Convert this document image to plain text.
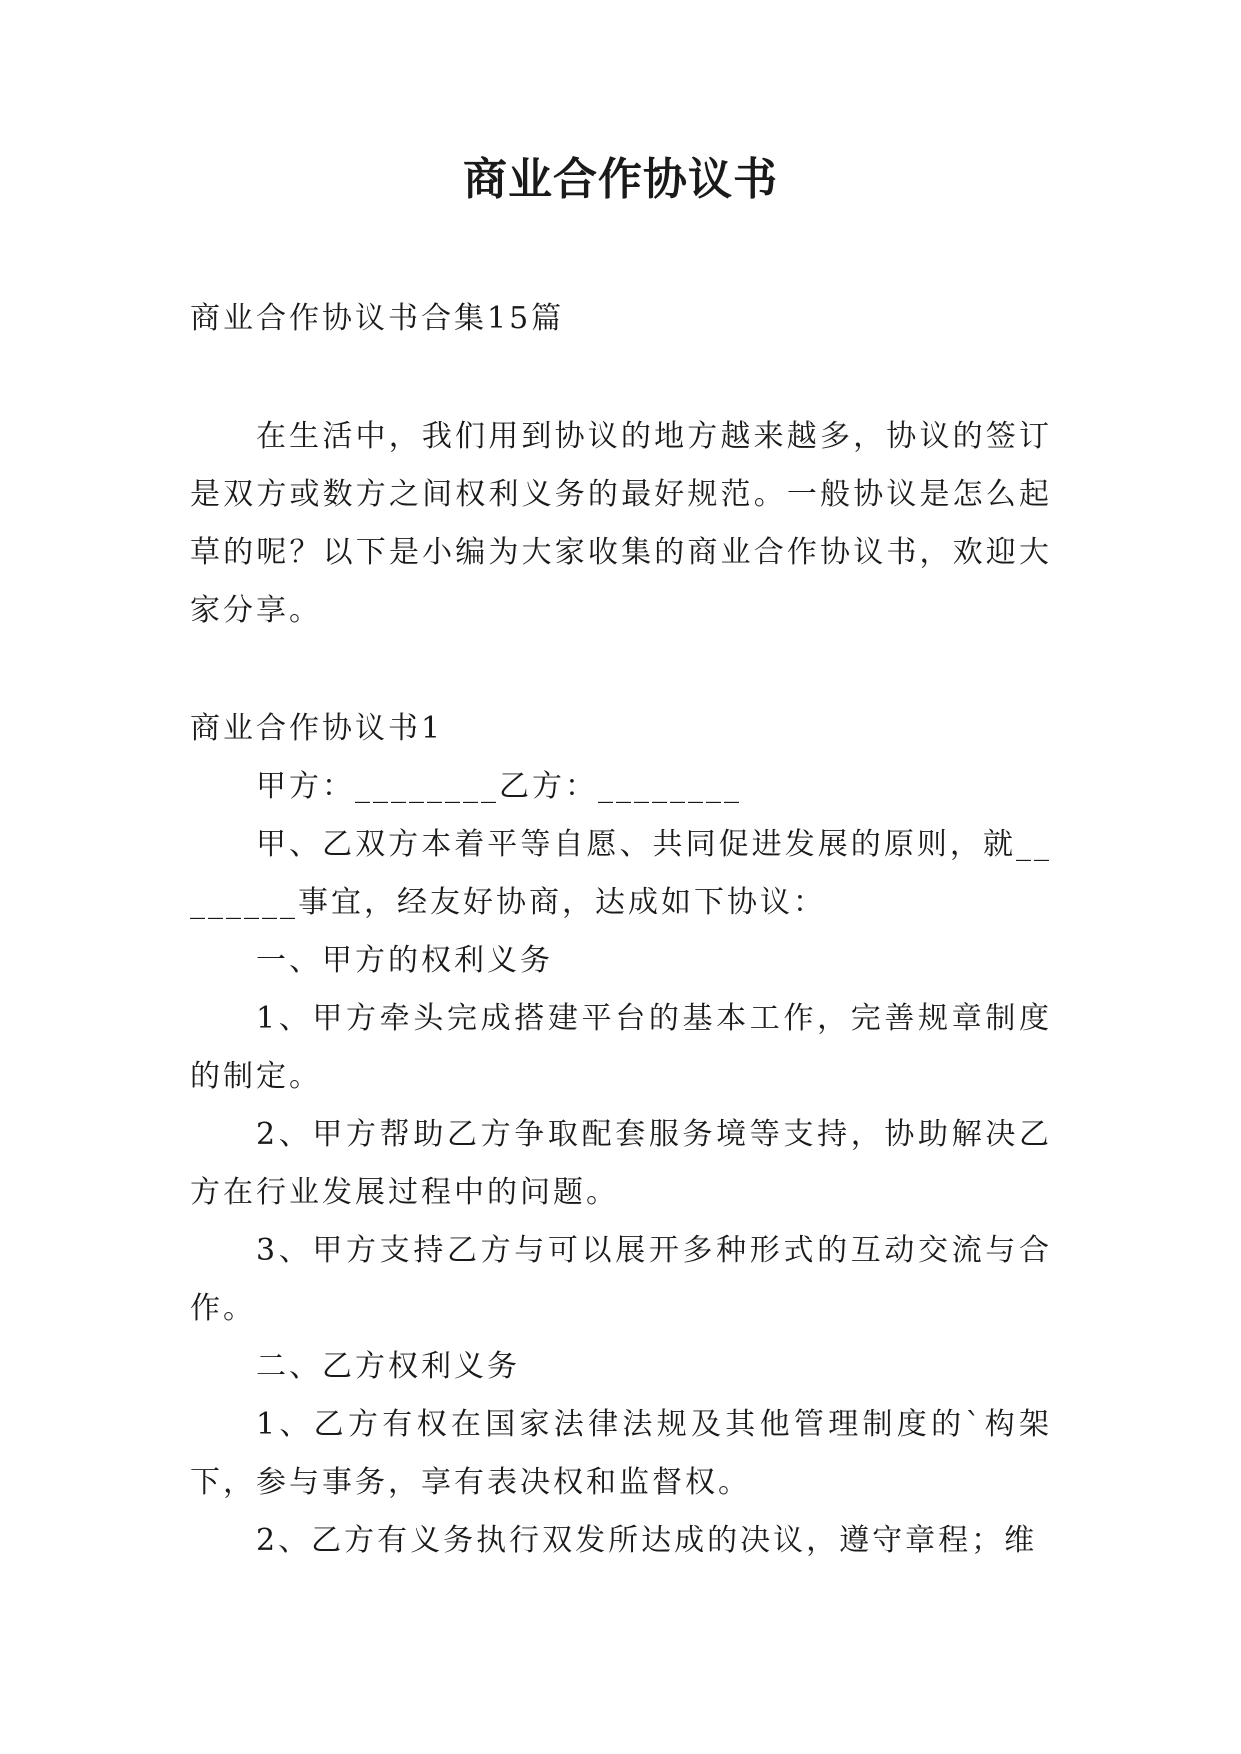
商业合作协议书

商业合作协议书合集15篇

在生活中，我们用到协议的地方越来越多，协议的签订是双方或数方之间权利义务的最好规范。一般协议是怎么起草的呢？以下是小编为大家收集的商业合作协议书，欢迎大家分享。

商业合作协议书1

甲方：________乙方：________

甲、乙双方本着平等自愿、共同促进发展的原则，就________事宜，经友好协商，达成如下协议：

一、甲方的权利义务

1、甲方牵头完成搭建平台的基本工作，完善规章制度的制定。

2、甲方帮助乙方争取配套服务境等支持，协助解决乙方在行业发展过程中的问题。

3、甲方支持乙方与可以展开多种形式的互动交流与合作。

二、乙方权利义务

1、乙方有权在国家法律法规及其他管理制度的`构架下，参与事务，享有表决权和监督权。

2、乙方有义务执行双发所达成的决议，遵守章程；维
